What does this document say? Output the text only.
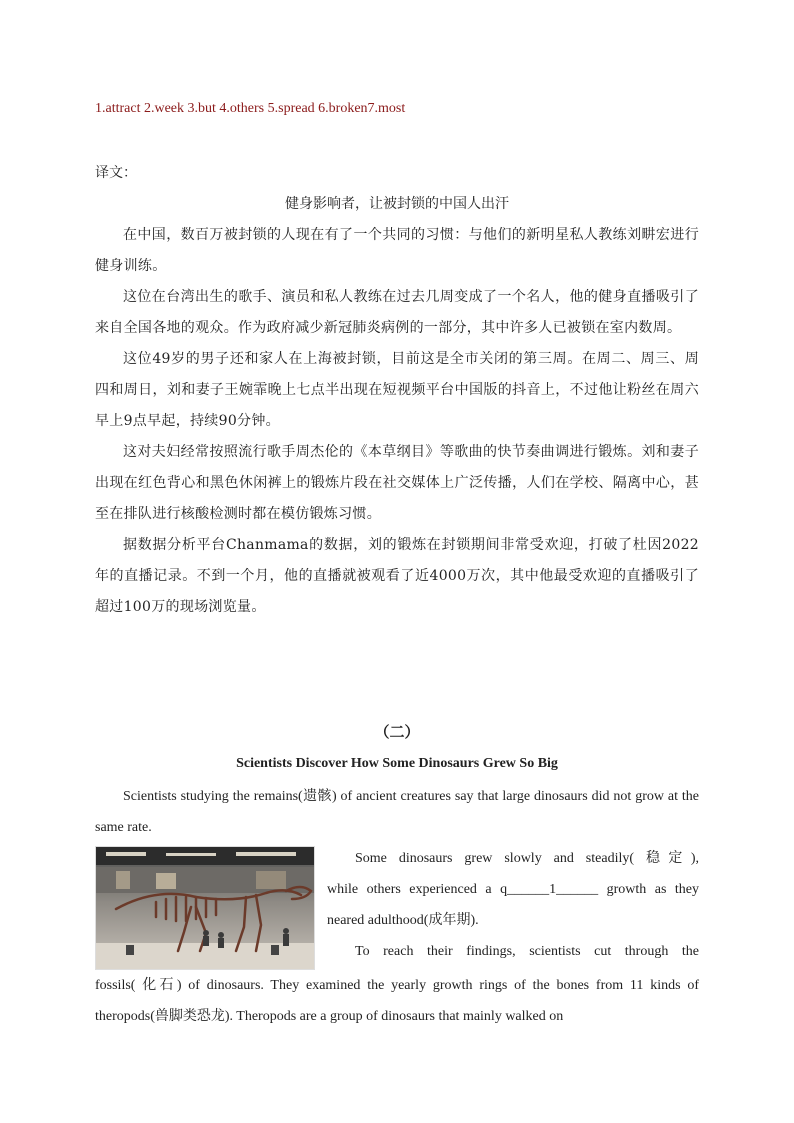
1.attract 2.week 3.but 4.others 5.spread 6.broken7.most
译文：
健身影响者，让被封锁的中国人出汗

在中国，数百万被封锁的人现在有了一个共同的习惯：与他们的新明星私人教练刘畊宏进行健身训练。

这位在台湾出生的歌手、演员和私人教练在过去几周变成了一个名人，他的健身直播吸引了来自全国各地的观众。作为政府减少新冠肺炎病例的一部分，其中许多人已被锁在室内数周。

这位49岁的男子还和家人在上海被封锁，目前这是全市关闭的第三周。在周二、周三、周四和周日，刘和妻子王婉霏晚上七点半出现在短视频平台中国版的抖音上，不过他让粉丝在周六早上9点早起，持续90分钟。

这对夫妇经常按照流行歌手周杰伦的《本草纲目》等歌曲的快节奏曲调进行锻炼。刘和妻子出现在红色背心和黑色休闲裤上的锻炼片段在社交媒体上广泛传播，人们在学校、隔离中心，甚至在排队进行核酸检测时都在模仿锻炼习惯。

据数据分析平台Chanmama的数据，刘的锻炼在封锁期间非常受欢迎，打破了杜因2022年的直播记录。不到一个月，他的直播就被观看了近4000万次，其中他最受欢迎的直播吸引了超过100万的现场浏览量。

（二）
Scientists Discover How Some Dinosaurs Grew So Big

Scientists studying the remains(遗骸) of ancient creatures say that large dinosaurs did not grow at the same rate.

Some dinosaurs grew slowly and steadily( 稳定),

while others experienced a q______1______ growth as they

neared adulthood(成年期).

To reach their findings, scientists cut through the

fossils( 化石) of dinosaurs. They examined the yearly growth rings of the bones from 11 kinds of theropods(兽脚类恐龙). Theropods are a group of dinosaurs that mainly walked on
